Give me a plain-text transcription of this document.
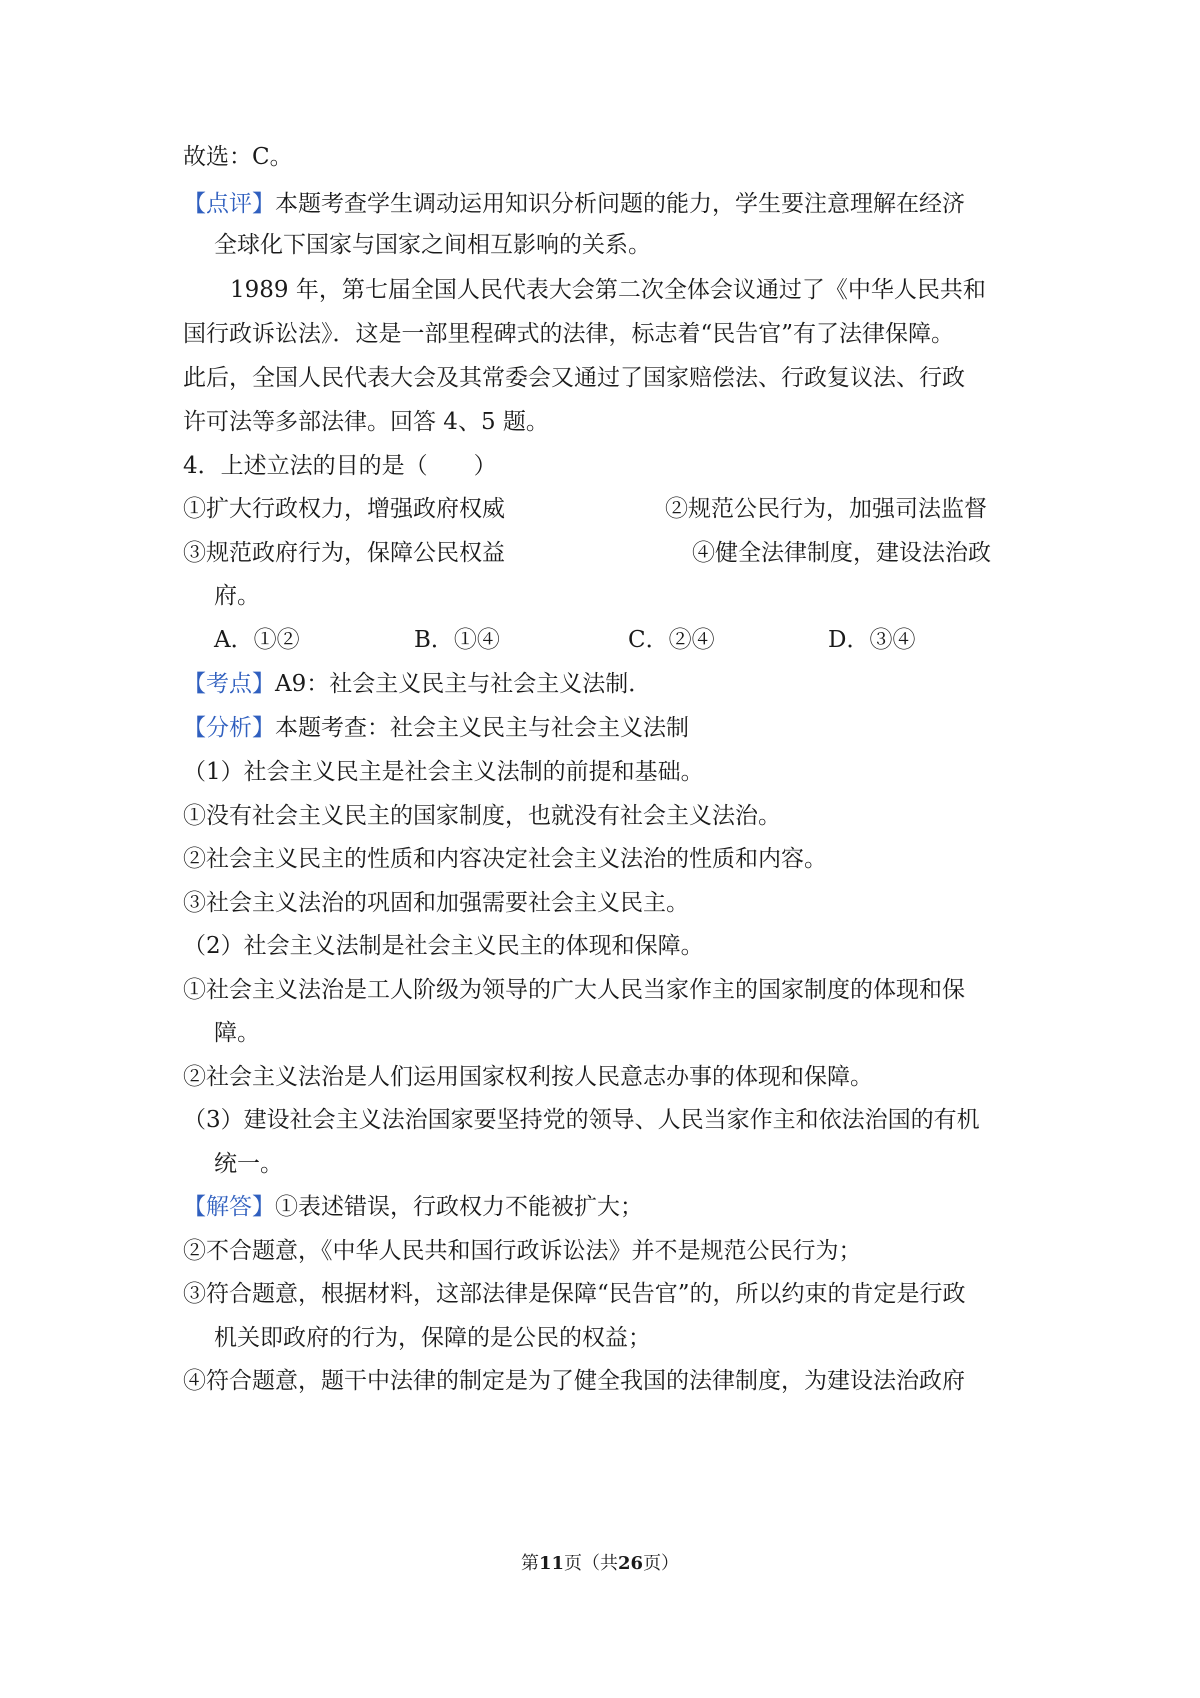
故选：C。
【点评】本题考查学生调动运用知识分析问题的能力，学生要注意理解在经济
全球化下国家与国家之间相互影响的关系。
1989 年，第七届全国人民代表大会第二次全体会议通过了《中华人民共和
国行政诉讼法》．这是一部里程碑式的法律，标志着“民告官”有了法律保障。
此后，全国人民代表大会及其常委会又通过了国家赔偿法、行政复议法、行政
许可法等多部法律。回答 4、5 题。
4．上述立法的目的是（　　）
①扩大行政权力，增强政府权威	②规范公民行为，加强司法监督
③规范政府行为，保障公民权益	④健全法律制度，建设法治政
府。
A．①②	B．①④	C．②④	D．③④
【考点】A9：社会主义民主与社会主义法制．
【分析】本题考查：社会主义民主与社会主义法制
（1）社会主义民主是社会主义法制的前提和基础。
①没有社会主义民主的国家制度，也就没有社会主义法治。
②社会主义民主的性质和内容决定社会主义法治的性质和内容。
③社会主义法治的巩固和加强需要社会主义民主。
（2）社会主义法制是社会主义民主的体现和保障。
①社会主义法治是工人阶级为领导的广大人民当家作主的国家制度的体现和保
障。
②社会主义法治是人们运用国家权利按人民意志办事的体现和保障。
（3）建设社会主义法治国家要坚持党的领导、人民当家作主和依法治国的有机
统一。
【解答】①表述错误，行政权力不能被扩大；
②不合题意，《中华人民共和国行政诉讼法》并不是规范公民行为；
③符合题意，根据材料，这部法律是保障“民告官”的，所以约束的肯定是行政
机关即政府的行为，保障的是公民的权益；
④符合题意，题干中法律的制定是为了健全我国的法律制度，为建设法治政府
第11页（共26页）
